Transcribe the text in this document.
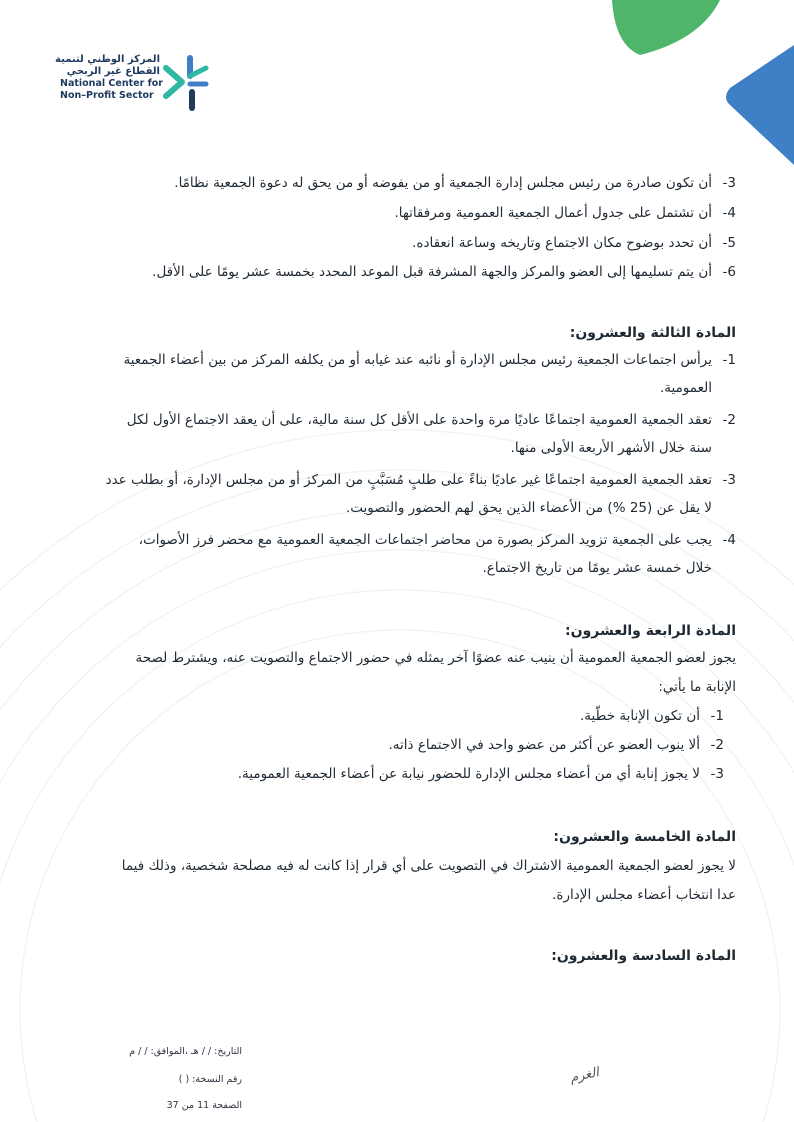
المركز الوطني لتنمية
القطاع غير الربحي
National Center for
Non–Profit Sector
3-
أن تكون صادرة من رئيس مجلس إدارة الجمعية أو من يفوضه أو من يحق له دعوة الجمعية نظامًا.
4-
أن تشتمل على جدول أعمال الجمعية العمومية ومرفقاتها.
5-
أن تحدد بوضوح مكان الاجتماع وتاريخه وساعة انعقاده.
6-
أن يتم تسليمها إلى العضو والمركز والجهة المشرفة قبل الموعد المحدد بخمسة عشر يومًا على الأقل.
المادة الثالثة والعشرون:
1-
يرأس اجتماعات الجمعية رئيس مجلس الإدارة أو نائبه عند غيابه أو من يكلفه المركز من بين أعضاء الجمعية
العمومية.
2-
تعقد الجمعية العمومية اجتماعًا عاديًا مرة واحدة على الأقل كل سنة مالية، على أن يعقد الاجتماع الأول لكل
سنة خلال الأشهر الأربعة الأولى منها.
3-
تعقد الجمعية العمومية اجتماعًا غير عاديًا بناءً على طلبٍ مُسَبَّبٍ من المركز أو من مجلس الإدارة، أو بطلب عدد
لا يقل عن (25 %) من الأعضاء الذين يحق لهم الحضور والتصويت.
4-
يجب على الجمعية تزويد المركز بصورة من محاضر اجتماعات الجمعية العمومية مع محضر فرز الأصوات،
خلال خمسة عشر يومًا من تاريخ الاجتماع.
المادة الرابعة والعشرون:
يجوز لعضو الجمعية العمومية أن ينيب عنه عضوًا آخر يمثله في حضور الاجتماع والتصويت عنه، ويشترط لصحة
الإنابة ما يأتي:
1-
أن تكون الإنابة خطّية.
2-
ألا ينوب العضو عن أكثر من عضو واحد في الاجتماع ذاته.
3-
لا يجوز إنابة أي من أعضاء مجلس الإدارة للحضور نيابة عن أعضاء الجمعية العمومية.
المادة الخامسة والعشرون:
لا يجوز لعضو الجمعية العمومية الاشتراك في التصويت على أي قرار إذا كانت له فيه مصلحة شخصية، وذلك فيما
عدا انتخاب أعضاء مجلس الإدارة.
المادة السادسة والعشرون:
التاريخ: / / هـ ،الموافق: / / م
رقم النسخة: ( )
الصفحة 11 من 37
الغرم
